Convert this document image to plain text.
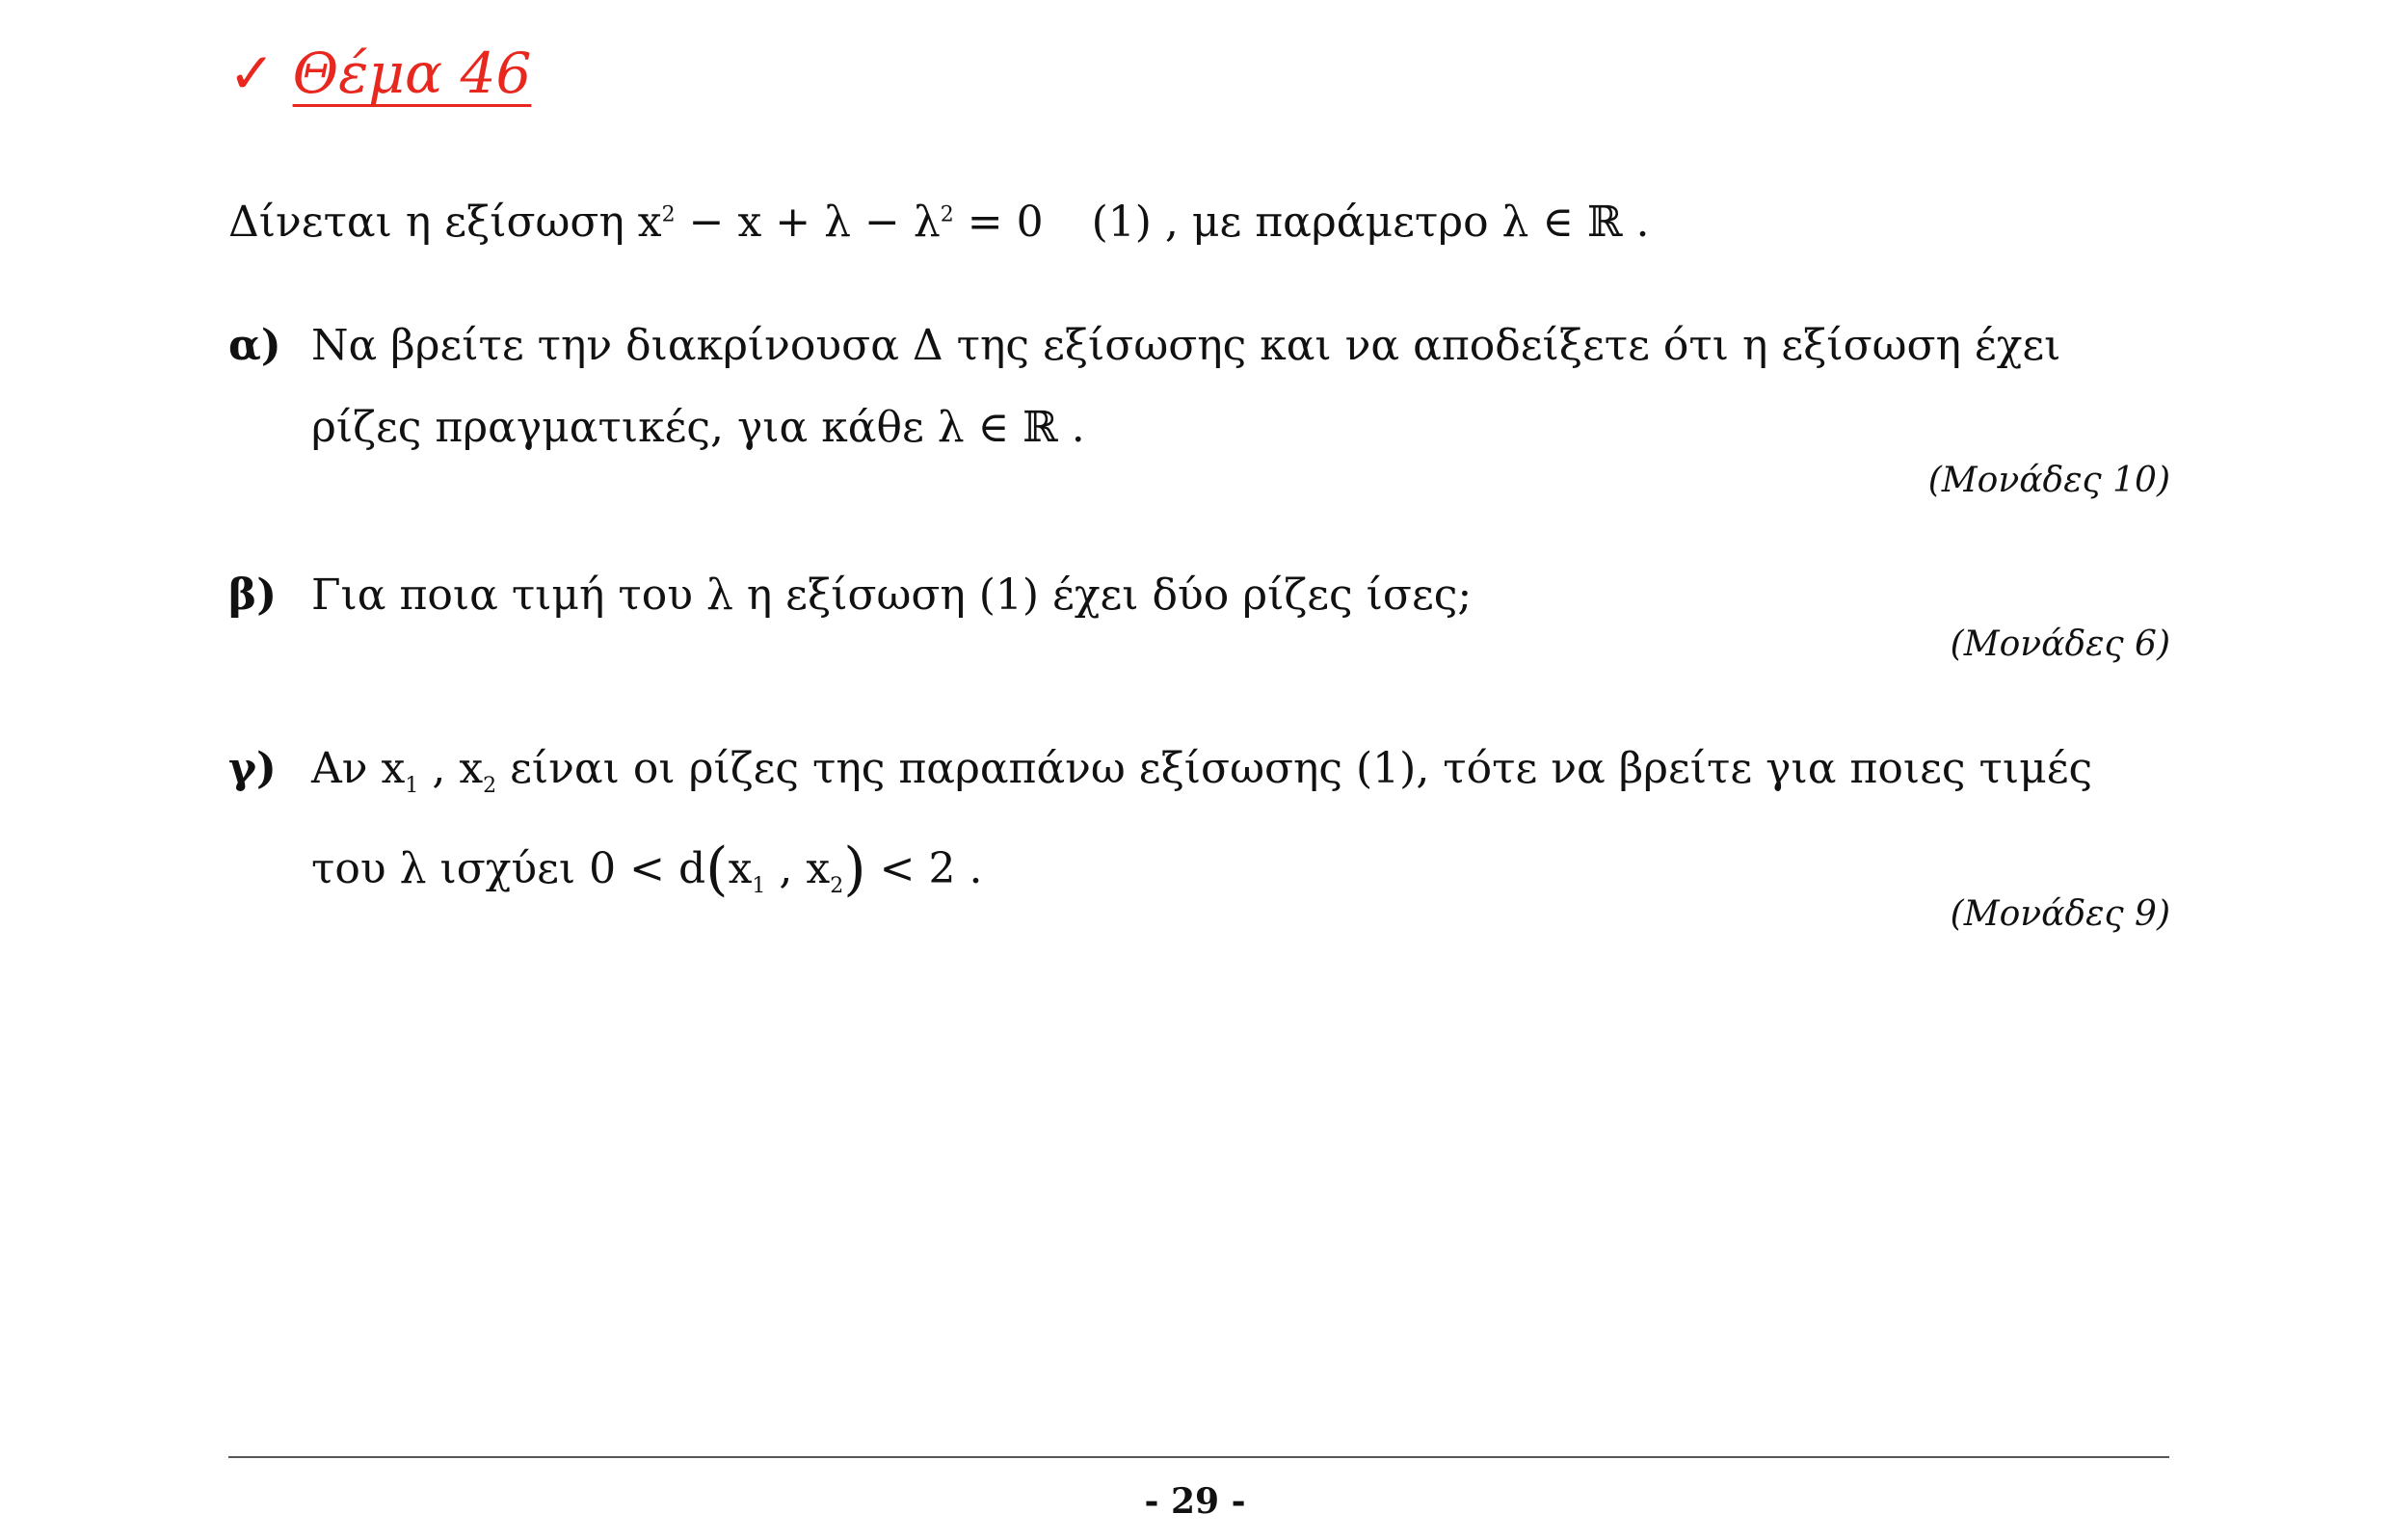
✓ Θέμα 46
Δίνεται η εξίσωση $x^2 - x + \lambda - \lambda^2 = 0$ (1) , με παράμετρο λ ∈ ℝ .
α) Να βρείτε την διακρίνουσα Δ της εξίσωσης και να αποδείξετε ότι η εξίσωση έχει
ρίζες πραγματικές, για κάθε λ ∈ ℝ .
(Μονάδες 10)
β) Για ποια τιμή του λ η εξίσωση (1) έχει δύο ρίζες ίσες;
(Μονάδες 6)
γ) Αν $x_1$ , $x_2$ είναι οι ρίζες της παραπάνω εξίσωσης (1), τότε να βρείτε για ποιες τιμές
του λ ισχύει $0 < d(x_1$ , $x_2) < 2$ .
(Μονάδες 9)
- 29 -
